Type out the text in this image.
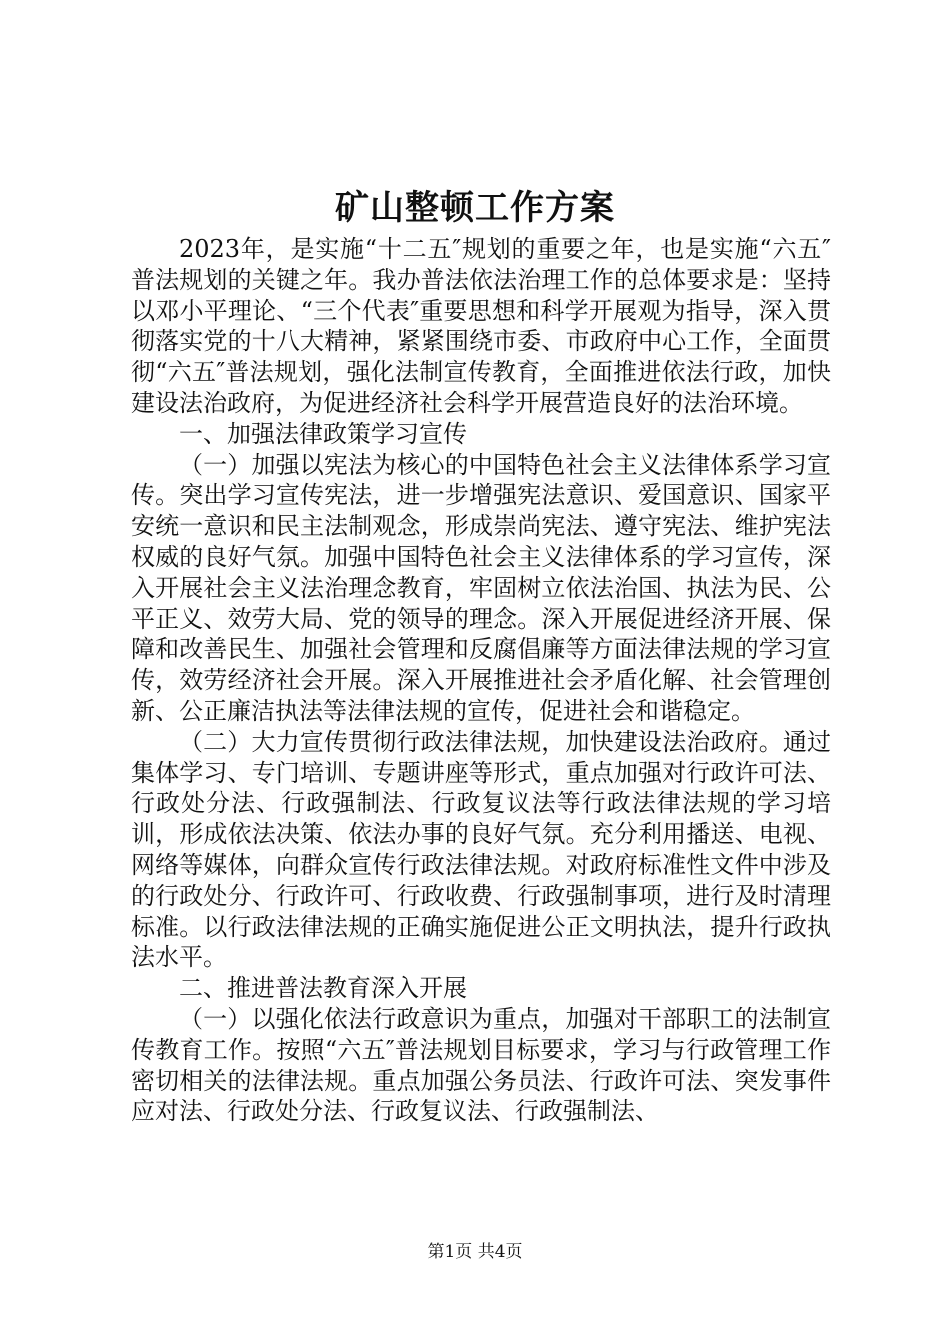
矿山整顿工作方案

2023年，是实施“十二五″规划的重要之年，也是实施“六五″普法规划的关键之年。我办普法依法治理工作的总体要求是：坚持以邓小平理论、“三个代表″重要思想和科学开展观为指导，深入贯彻落实党的十八大精神，紧紧围绕市委、市政府中心工作，全面贯彻“六五″普法规划，强化法制宣传教育，全面推进依法行政，加快建设法治政府，为促进经济社会科学开展营造良好的法治环境。

一、加强法律政策学习宣传

（一）加强以宪法为核心的中国特色社会主义法律体系学习宣传。突出学习宣传宪法，进一步增强宪法意识、爱国意识、国家平安统一意识和民主法制观念，形成崇尚宪法、遵守宪法、维护宪法权威的良好气氛。加强中国特色社会主义法律体系的学习宣传，深入开展社会主义法治理念教育，牢固树立依法治国、执法为民、公平正义、效劳大局、党的领导的理念。深入开展促进经济开展、保障和改善民生、加强社会管理和反腐倡廉等方面法律法规的学习宣传，效劳经济社会开展。深入开展推进社会矛盾化解、社会管理创新、公正廉洁执法等法律法规的宣传，促进社会和谐稳定。

（二）大力宣传贯彻行政法律法规，加快建设法治政府。通过集体学习、专门培训、专题讲座等形式，重点加强对行政许可法、行政处分法、行政强制法、行政复议法等行政法律法规的学习培训，形成依法决策、依法办事的良好气氛。充分利用播送、电视、网络等媒体，向群众宣传行政法律法规。对政府标准性文件中涉及的行政处分、行政许可、行政收费、行政强制事项，进行及时清理标准。以行政法律法规的正确实施促进公正文明执法，提升行政执法水平。

二、推进普法教育深入开展

（一）以强化依法行政意识为重点，加强对干部职工的法制宣传教育工作。按照“六五″普法规划目标要求，学习与行政管理工作密切相关的法律法规。重点加强公务员法、行政许可法、突发事件应对法、行政处分法、行政复议法、行政强制法、

第1页 共4页
